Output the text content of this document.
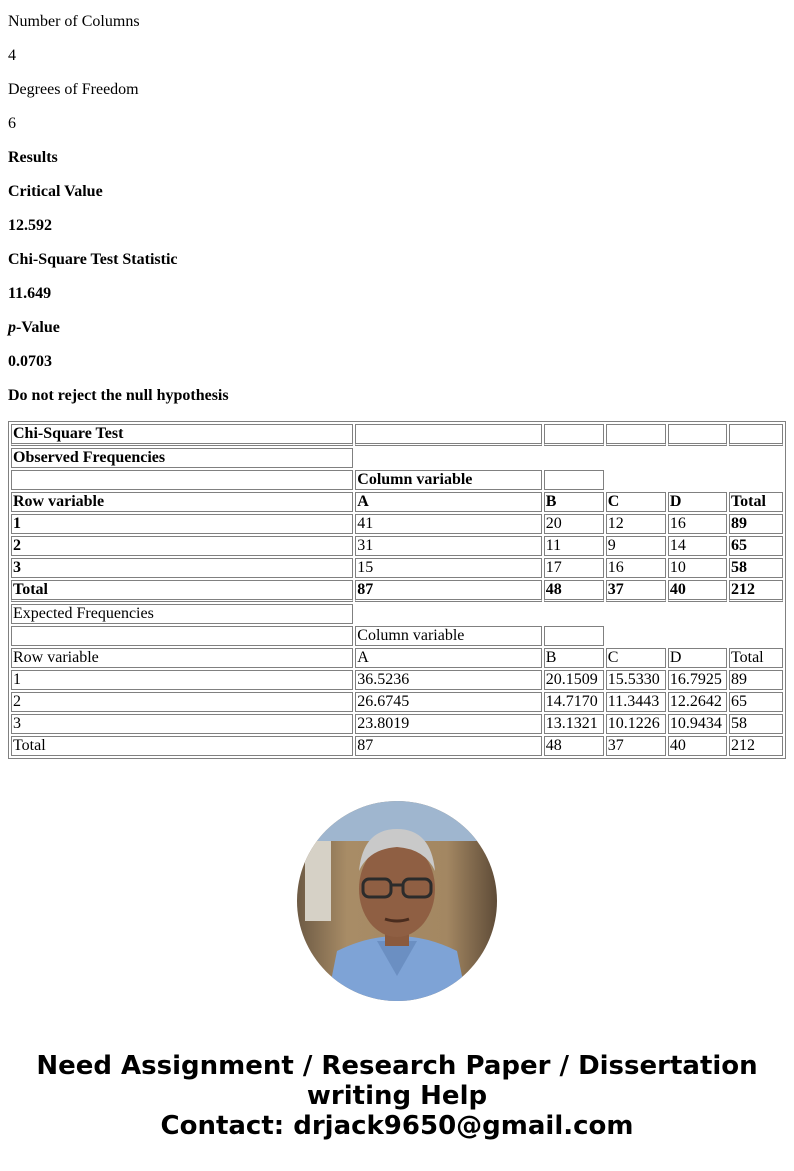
Number of Columns

4

Degrees of Freedom

6

Results

Critical Value

12.592

Chi-Square Test Statistic

11.649

p-Value

0.0703

Do not reject the null hypothesis

Chi-Square Test					
Observed Frequencies					
	Column variable				
Row variable	A	B	C	D	Total
1	41	20	12	16	89
2	31	11	9	14	65
3	15	17	16	10	58
Total	87	48	37	40	212
Expected Frequencies					
	Column variable				
Row variable	A	B	C	D	Total
1	36.5236	20.1509	15.5330	16.7925	89
2	26.6745	14.7170	11.3443	12.2642	65
3	23.8019	13.1321	10.1226	10.9434	58
Total	87	48	37	40	212
Need Assignment / Research Paper / Dissertation
writing Help
Contact: drjack9650@gmail.com
